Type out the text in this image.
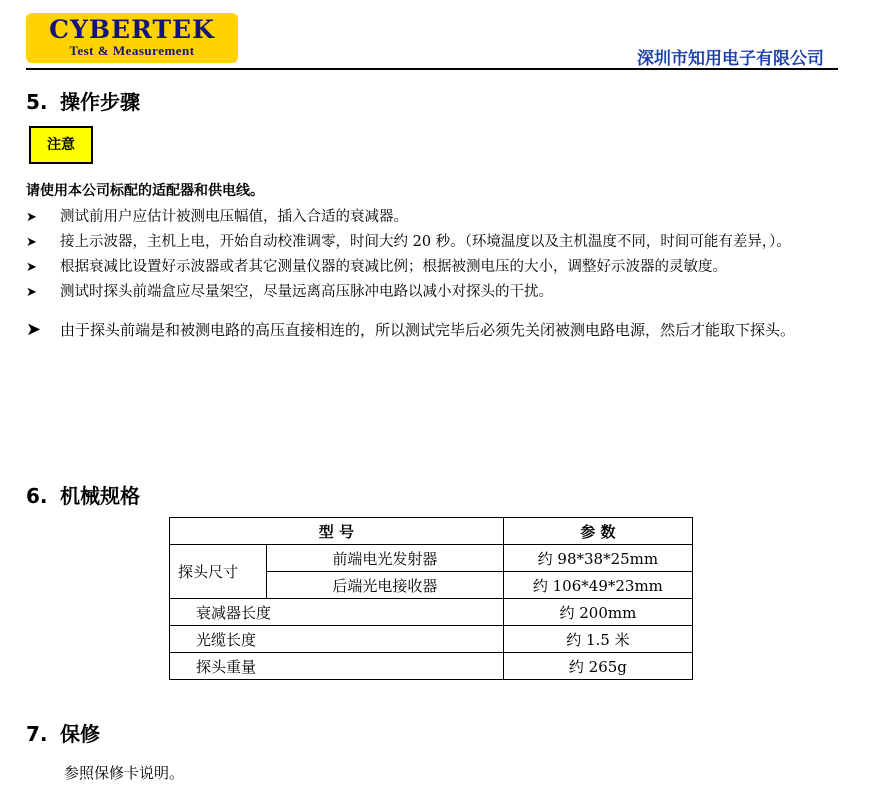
CYBERTEK
Test & Measurement	深圳市知用电子有限公司
5. 操作步骤
注意
请使用本公司标配的适配器和供电线。
➤ 测试前用户应估计被测电压幅值，插入合适的衰减器。
➤ 接上示波器，主机上电，开始自动校准调零，时间大约 20 秒。（环境温度以及主机温度不同，时间可能有差异，）。
➤ 根据衰减比设置好示波器或者其它测量仪器的衰减比例；根据被测电压的大小，调整好示波器的灵敏度。
➤ 测试时探头前端盒应尽量架空，尽量远离高压脉冲电路以减小对探头的干扰。
➤ 由于探头前端是和被测电路的高压直接相连的，所以测试完毕后必须先关闭被测电路电源，然后才能取下探头。
6. 机械规格
型 号		参 数
探头尺寸	前端电光发射器	约 98*38*25mm
	后端光电接收器	约 106*49*23mm
衰减器长度		约 200mm
光缆长度		约 1.5 米
探头重量		约 265g
7. 保修
参照保修卡说明。
